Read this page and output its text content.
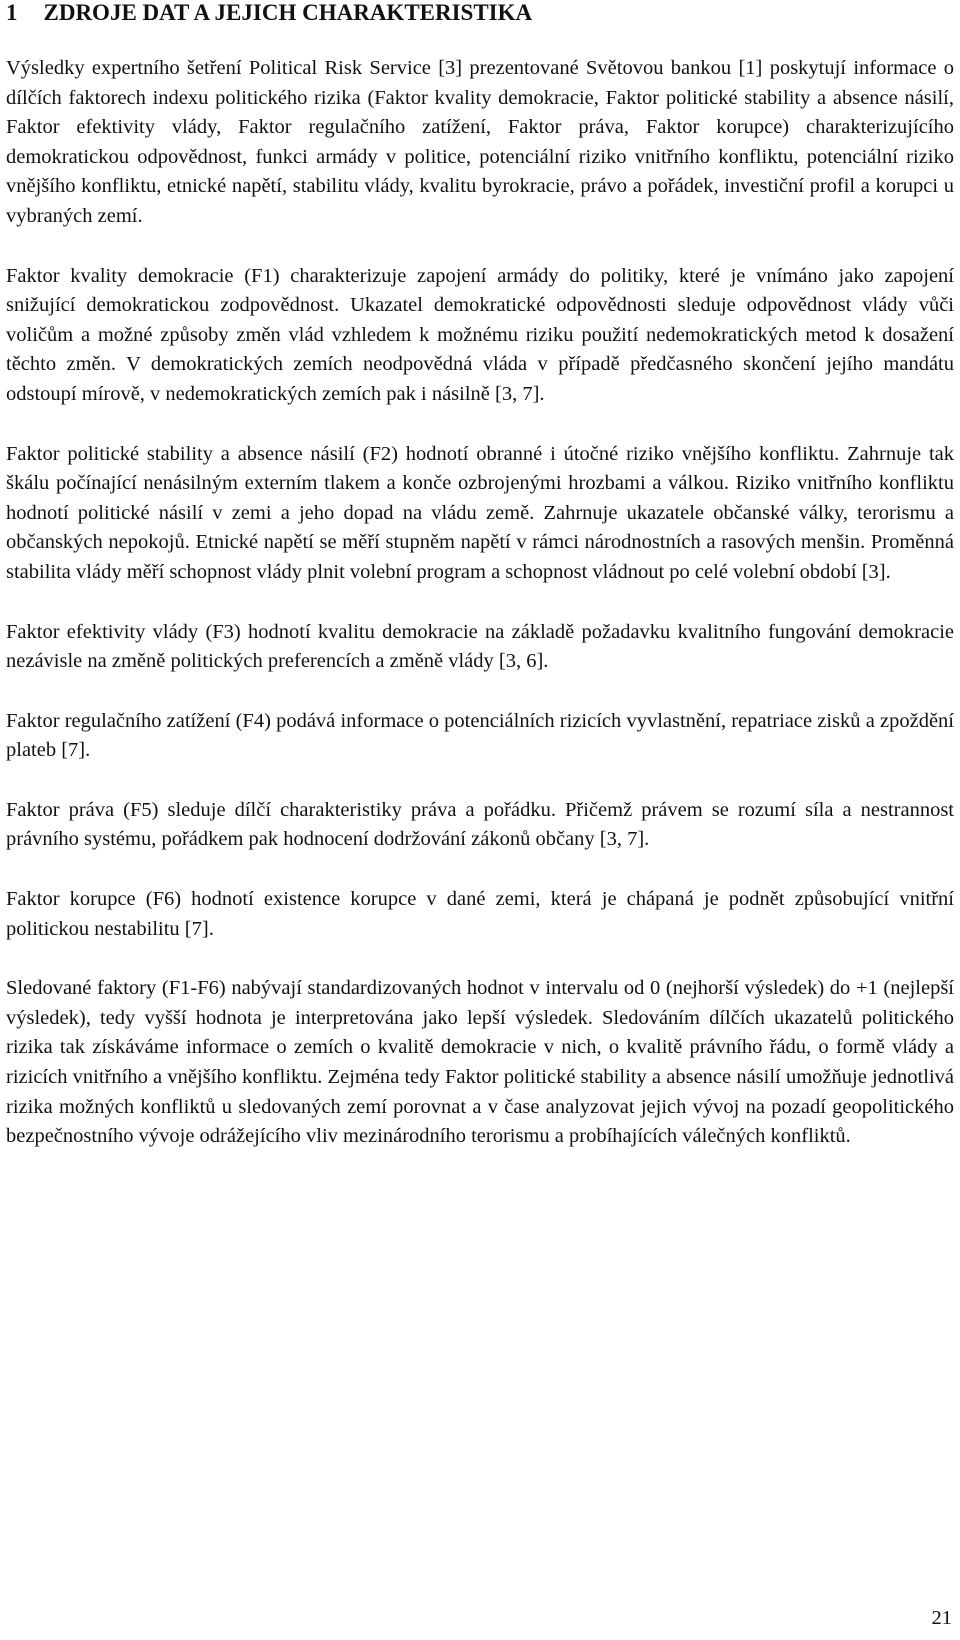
1 ZDROJE DAT A JEJICH CHARAKTERISTIKA

Výsledky expertního šetření Political Risk Service [3] prezentované Světovou bankou [1] poskytují informace o dílčích faktorech indexu politického rizika (Faktor kvality demokracie, Faktor politické stability a absence násilí, Faktor efektivity vlády, Faktor regulačního zatížení, Faktor práva, Faktor korupce) charakterizujícího demokratickou odpovědnost, funkci armády v politice, potenciální riziko vnitřního konfliktu, potenciální riziko vnějšího konfliktu, etnické napětí, stabilitu vlády, kvalitu byrokracie, právo a pořádek, investiční profil a korupci u vybraných zemí.

Faktor kvality demokracie (F1) charakterizuje zapojení armády do politiky, které je vnímáno jako zapojení snižující demokratickou zodpovědnost. Ukazatel demokratické odpovědnosti sleduje odpovědnost vlády vůči voličům a možné způsoby změn vlád vzhledem k možnému riziku použití nedemokratických metod k dosažení těchto změn. V demokratických zemích neodpovědná vláda v případě předčasného skončení jejího mandátu odstoupí mírově, v nedemokratických zemích pak i násilně [3, 7].

Faktor politické stability a absence násilí (F2) hodnotí obranné i útočné riziko vnějšího konfliktu. Zahrnuje tak škálu počínající nenásilným externím tlakem a konče ozbrojenými hrozbami a válkou. Riziko vnitřního konfliktu hodnotí politické násilí v zemi a jeho dopad na vládu země. Zahrnuje ukazatele občanské války, terorismu a občanských nepokojů. Etnické napětí se měří stupněm napětí v rámci národnostních a rasových menšin. Proměnná stabilita vlády měří schopnost vlády plnit volební program a schopnost vládnout po celé volební období [3].

Faktor efektivity vlády (F3) hodnotí kvalitu demokracie na základě požadavku kvalitního fungování demokracie nezávisle na změně politických preferencích a změně vlády [3, 6].

Faktor regulačního zatížení (F4) podává informace o potenciálních rizicích vyvlastnění, repatriace zisků a zpoždění plateb [7].

Faktor práva (F5) sleduje dílčí charakteristiky práva a pořádku. Přičemž právem se rozumí síla a nestrannost právního systému, pořádkem pak hodnocení dodržování zákonů občany [3, 7].

Faktor korupce (F6) hodnotí existence korupce v dané zemi, která je chápaná je podnět způsobující vnitřní politickou nestabilitu [7].

Sledované faktory (F1-F6) nabývají standardizovaných hodnot v intervalu od 0 (nejhorší výsledek) do +1 (nejlepší výsledek), tedy vyšší hodnota je interpretována jako lepší výsledek. Sledováním dílčích ukazatelů politického rizika tak získáváme informace o zemích o kvalitě demokracie v nich, o kvalitě právního řádu, o formě vlády a rizicích vnitřního a vnějšího konfliktu. Zejména tedy Faktor politické stability a absence násilí umožňuje jednotlivá rizika možných konfliktů u sledovaných zemí porovnat a v čase analyzovat jejich vývoj na pozadí geopolitického bezpečnostního vývoje odrážejícího vliv mezinárodního terorismu a probíhajících válečných konfliktů.

21
